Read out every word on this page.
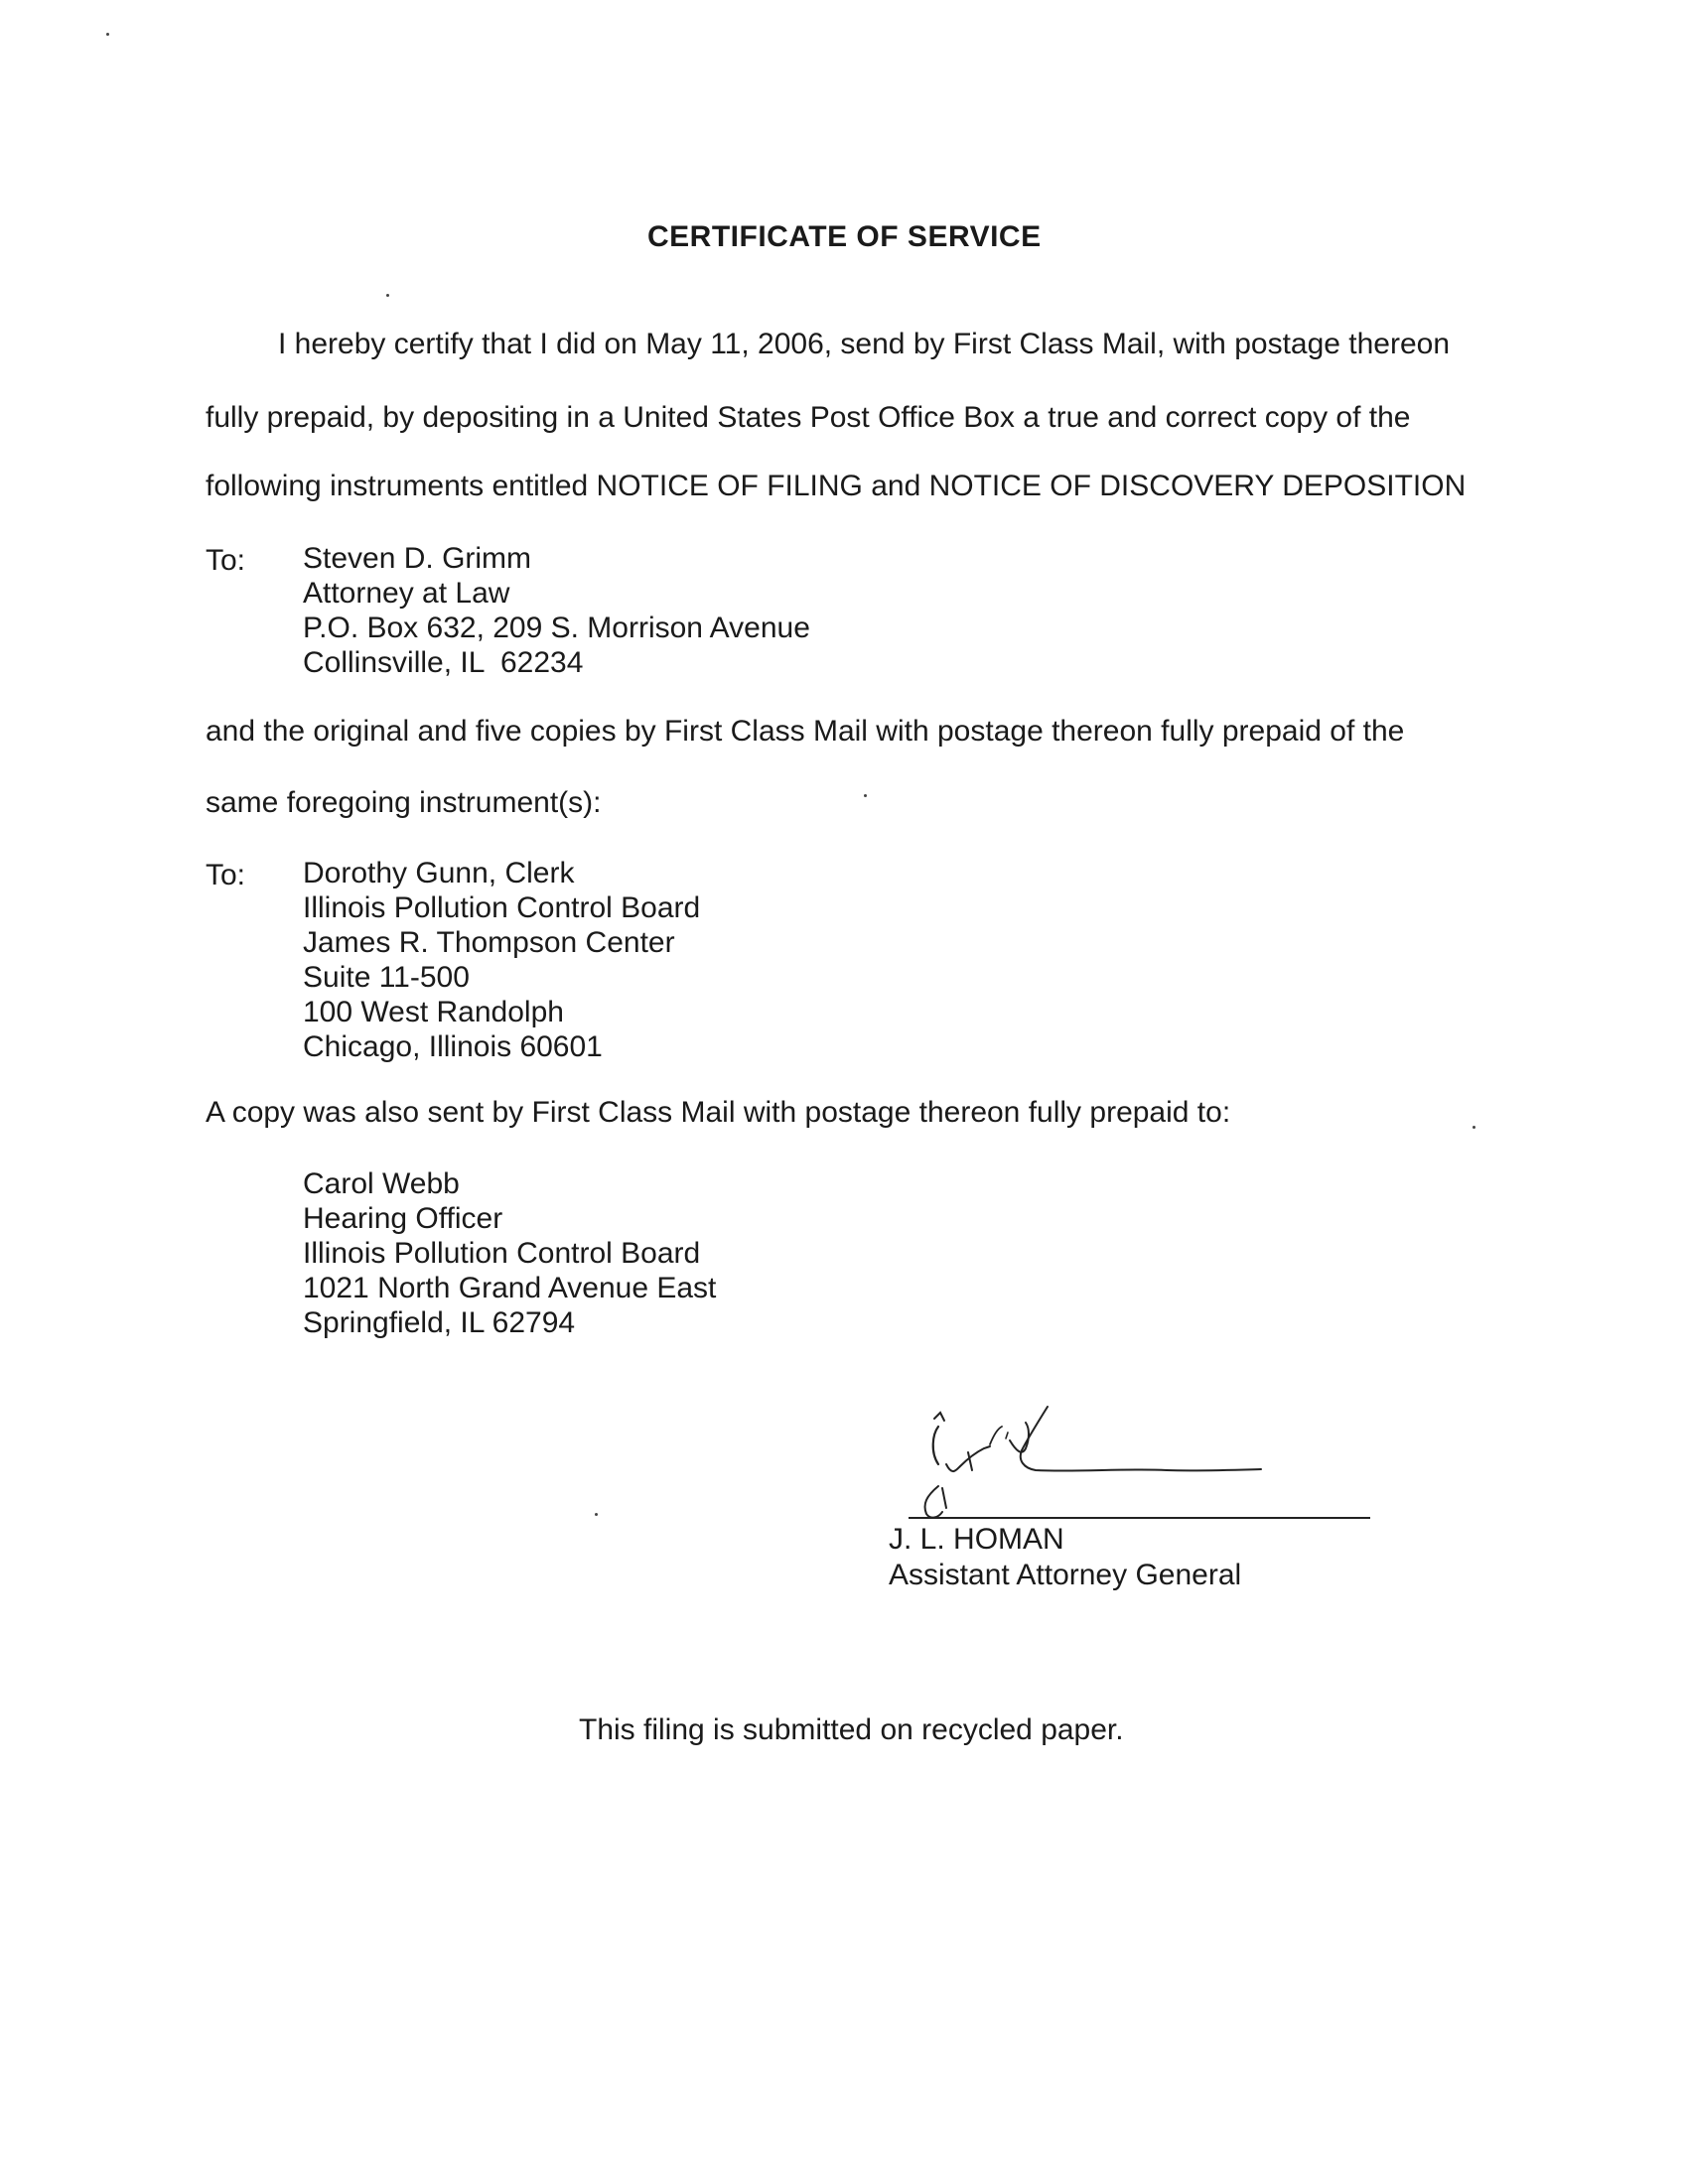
CERTIFICATE OF SERVICE
I hereby certify that I did on May 11, 2006, send by First Class Mail, with postage thereon
fully prepaid, by depositing in a United States Post Office Box a true and correct copy of the
following instruments entitled NOTICE OF FILING and NOTICE OF DISCOVERY DEPOSITION
To: Steven D. Grimm
Attorney at Law
P.O. Box 632, 209 S. Morrison Avenue
Collinsville, IL  62234
and the original and five copies by First Class Mail with postage thereon fully prepaid of the
same foregoing instrument(s):
To: Dorothy Gunn, Clerk
Illinois Pollution Control Board
James R. Thompson Center
Suite 11-500
100 West Randolph
Chicago, Illinois 60601
A copy was also sent by First Class Mail with postage thereon fully prepaid to:
Carol Webb
Hearing Officer
Illinois Pollution Control Board
1021 North Grand Avenue East
Springfield, IL 62794
J. L. HOMAN
Assistant Attorney General
This filing is submitted on recycled paper.
